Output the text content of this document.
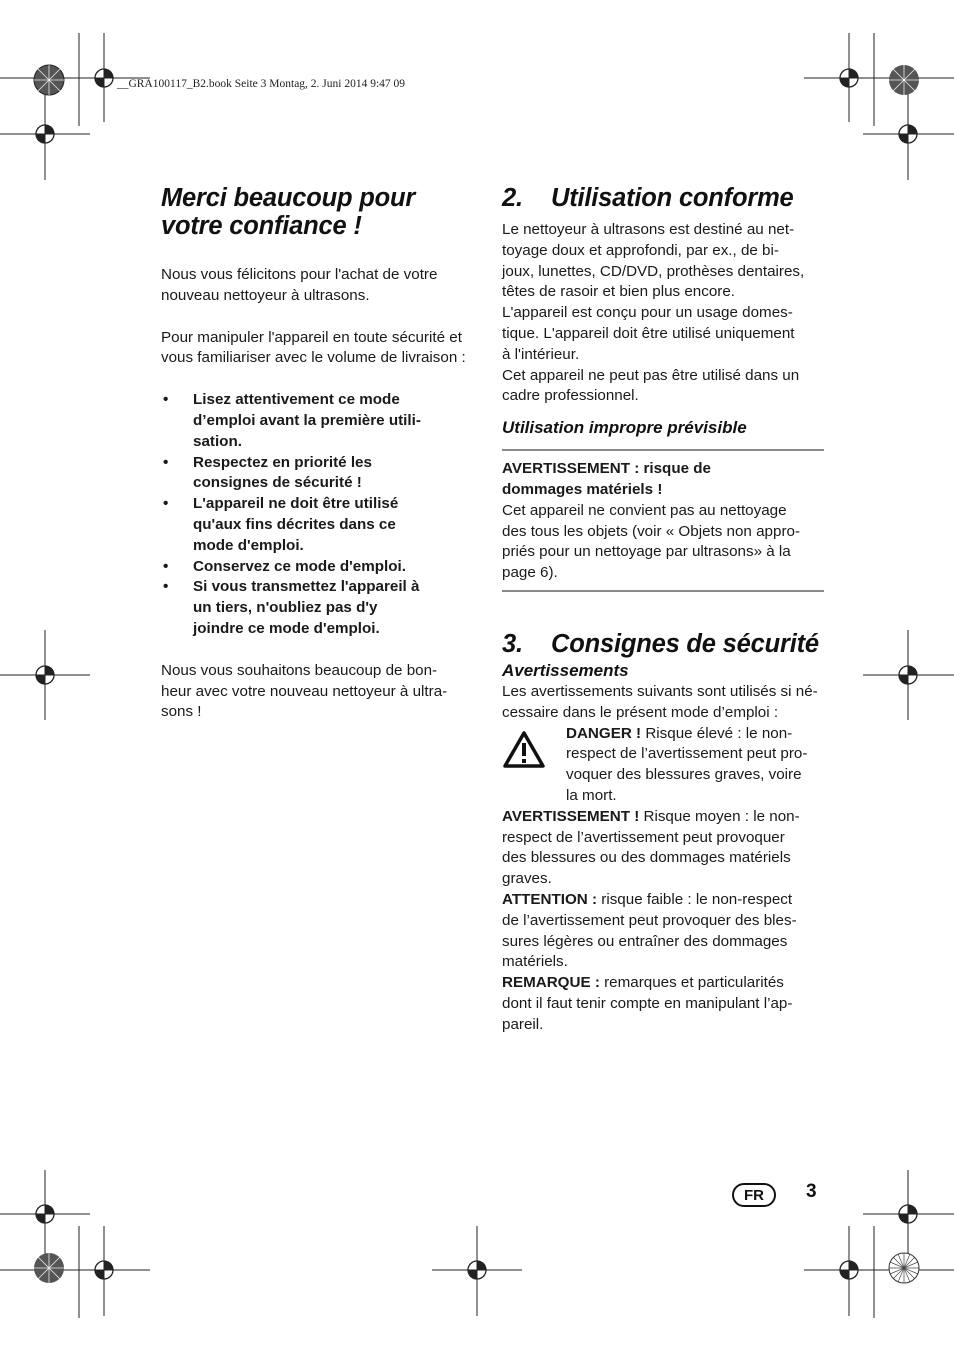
__GRA100117_B2.book Seite 3 Montag, 2. Juni 2014 9:47 09
Merci beaucoup pour
votre confiance !

Nous vous félicitons pour l'achat de votre
nouveau nettoyeur à ultrasons.

Pour manipuler l'appareil en toute sécurité et
vous familiariser avec le volume de livraison :

• Lisez attentivement ce mode
d’emploi avant la première utili-
sation.
• Respectez en priorité les
consignes de sécurité !
• L'appareil ne doit être utilisé
qu'aux fins décrites dans ce
mode d'emploi.
• Conservez ce mode d'emploi.
• Si vous transmettez l'appareil à
un tiers, n'oubliez pas d'y
joindre ce mode d'emploi.

Nous vous souhaitons beaucoup de bon-
heur avec votre nouveau nettoyeur à ultra-
sons !

2. Utilisation conforme

Le nettoyeur à ultrasons est destiné au net-
toyage doux et approfondi, par ex., de bi-
joux, lunettes, CD/DVD, prothèses dentaires,
têtes de rasoir et bien plus encore.
L'appareil est conçu pour un usage domes-
tique. L'appareil doit être utilisé uniquement
à l'intérieur.
Cet appareil ne peut pas être utilisé dans un
cadre professionnel.

Utilisation impropre prévisible

AVERTISSEMENT : risque de
dommages matériels !

Cet appareil ne convient pas au nettoyage
des tous les objets (voir « Objets non appro-
priés pour un nettoyage par ultrasons» à la
page 6).

3. Consignes de sécurité
Avertissements

Les avertissements suivants sont utilisés si né-
cessaire dans le présent mode d’emploi :

DANGER ! Risque élevé : le non-
respect de l’avertissement peut pro-
voquer des blessures graves, voire
la mort.

AVERTISSEMENT ! Risque moyen : le non-
respect de l’avertissement peut provoquer
des blessures ou des dommages matériels
graves.

ATTENTION : risque faible : le non-respect
de l’avertissement peut provoquer des bles-
sures légères ou entraîner des dommages
matériels.

REMARQUE : remarques et particularités
dont il faut tenir compte en manipulant l’ap-
pareil.

FR	3
